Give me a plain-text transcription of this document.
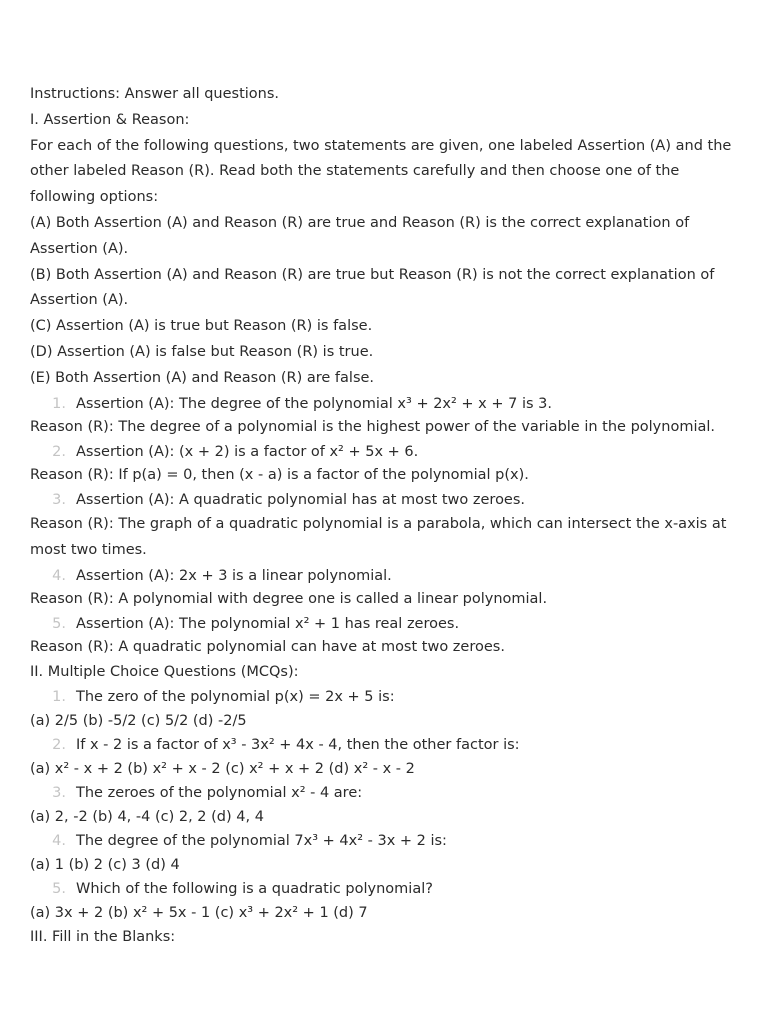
Instructions: Answer all questions.

I. Assertion & Reason:

For each of the following questions, two statements are given, one labeled Assertion (A) and the other labeled Reason (R). Read both the statements carefully and then choose one of the following options:

(A) Both Assertion (A) and Reason (R) are true and Reason (R) is the correct explanation of Assertion (A).

(B) Both Assertion (A) and Reason (R) are true but Reason (R) is not the correct explanation of Assertion (A).

(C) Assertion (A) is true but Reason (R) is false.

(D) Assertion (A) is false but Reason (R) is true.

(E) Both Assertion (A) and Reason (R) are false.

1. Assertion (A): The degree of the polynomial x³ + 2x² + x + 7 is 3.

Reason (R): The degree of a polynomial is the highest power of the variable in the polynomial.

2. Assertion (A): (x + 2) is a factor of x² + 5x + 6.

Reason (R): If p(a) = 0, then (x - a) is a factor of the polynomial p(x).

3. Assertion (A): A quadratic polynomial has at most two zeroes.

Reason (R): The graph of a quadratic polynomial is a parabola, which can intersect the x-axis at most two times.

4. Assertion (A): 2x + 3 is a linear polynomial.

Reason (R): A polynomial with degree one is called a linear polynomial.

5. Assertion (A): The polynomial x² + 1 has real zeroes.

Reason (R): A quadratic polynomial can have at most two zeroes.

II. Multiple Choice Questions (MCQs):

1. The zero of the polynomial p(x) = 2x + 5 is:

(a) 2/5 (b) -5/2 (c) 5/2 (d) -2/5

2. If x - 2 is a factor of x³ - 3x² + 4x - 4, then the other factor is:

(a) x² - x + 2 (b) x² + x - 2 (c) x² + x + 2 (d) x² - x - 2

3. The zeroes of the polynomial x² - 4 are:

(a) 2, -2 (b) 4, -4 (c) 2, 2 (d) 4, 4

4. The degree of the polynomial 7x³ + 4x² - 3x + 2 is:

(a) 1 (b) 2 (c) 3 (d) 4

5. Which of the following is a quadratic polynomial?

(a) 3x + 2 (b) x² + 5x - 1 (c) x³ + 2x² + 1 (d) 7

III. Fill in the Blanks:
